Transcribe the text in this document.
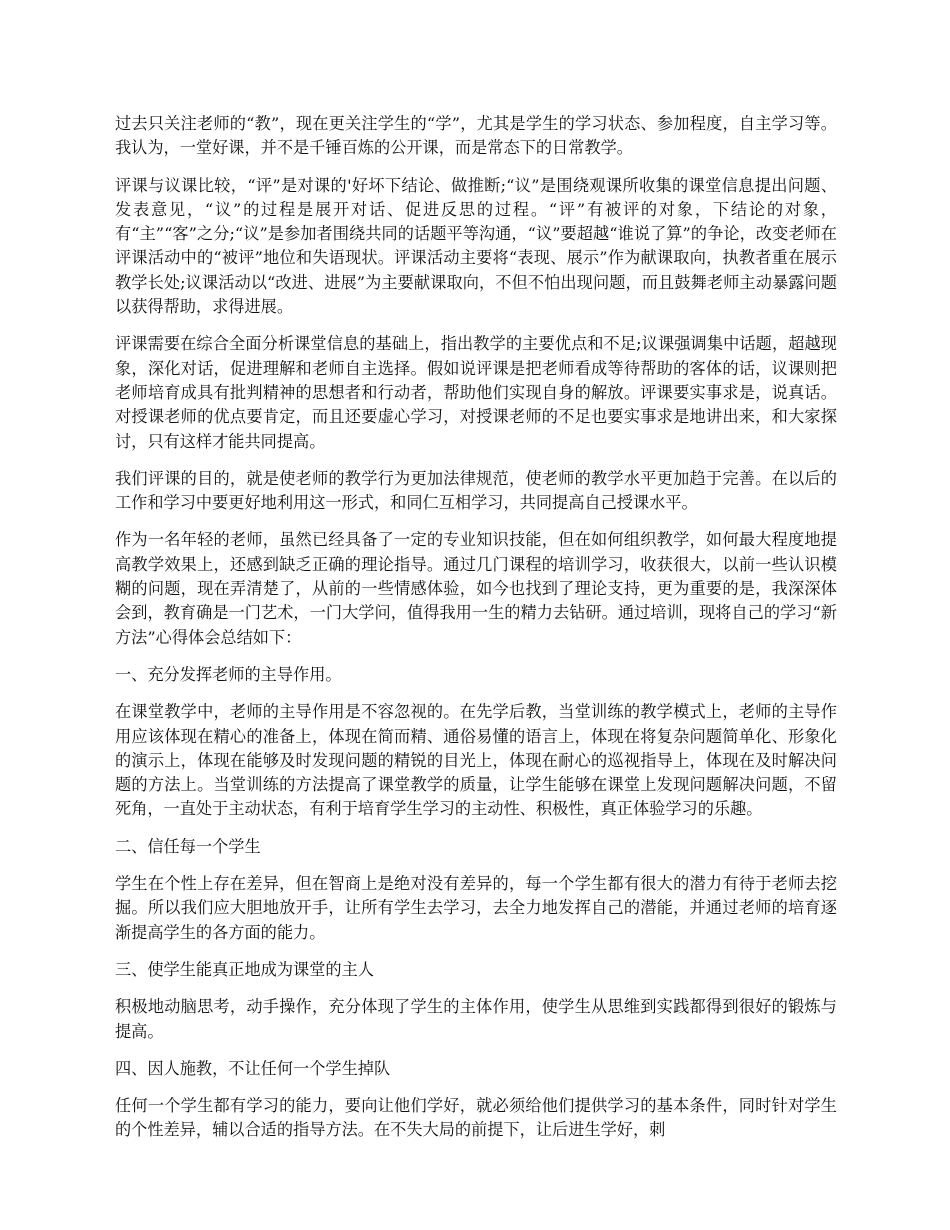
过去只关注老师的“教”，现在更关注学生的“学”，尤其是学生的学习状态、参加程度，自主学习等。我认为，一堂好课，并不是千锤百炼的公开课，而是常态下的日常教学。

评课与议课比较，“评”是对课的'好坏下结论、做推断;“议”是围绕观课所收集的课堂信息提出问题、发表意见，“议”的过程是展开对话、促进反思的过程。“评”有被评的对象，下结论的对象，有“主”“客”之分;“议”是参加者围绕共同的话题平等沟通，“议”要超越“谁说了算”的争论，改变老师在评课活动中的“被评”地位和失语现状。评课活动主要将“表现、展示”作为献课取向，执教者重在展示教学长处;议课活动以“改进、进展”为主要献课取向，不但不怕出现问题，而且鼓舞老师主动暴露问题以获得帮助，求得进展。

评课需要在综合全面分析课堂信息的基础上，指出教学的主要优点和不足;议课强调集中话题，超越现象，深化对话，促进理解和老师自主选择。假如说评课是把老师看成等待帮助的客体的话，议课则把老师培育成具有批判精神的思想者和行动者，帮助他们实现自身的解放。评课要实事求是，说真话。对授课老师的优点要肯定，而且还要虚心学习，对授课老师的不足也要实事求是地讲出来，和大家探讨，只有这样才能共同提高。

我们评课的目的，就是使老师的教学行为更加法律规范，使老师的教学水平更加趋于完善。在以后的工作和学习中要更好地利用这一形式，和同仁互相学习，共同提高自己授课水平。

作为一名年轻的老师，虽然已经具备了一定的专业知识技能，但在如何组织教学，如何最大程度地提高教学效果上，还感到缺乏正确的理论指导。通过几门课程的培训学习，收获很大，以前一些认识模糊的问题，现在弄清楚了，从前的一些情感体验，如今也找到了理论支持，更为重要的是，我深深体会到，教育确是一门艺术，一门大学问，值得我用一生的精力去钻研。通过培训，现将自己的学习“新方法”心得体会总结如下：

一、充分发挥老师的主导作用。

在课堂教学中，老师的主导作用是不容忽视的。在先学后教，当堂训练的教学模式上，老师的主导作用应该体现在精心的准备上，体现在简而精、通俗易懂的语言上，体现在将复杂问题简单化、形象化的演示上，体现在能够及时发现问题的精锐的目光上，体现在耐心的巡视指导上，体现在及时解决问题的方法上。当堂训练的方法提高了课堂教学的质量，让学生能够在课堂上发现问题解决问题，不留死角，一直处于主动状态，有利于培育学生学习的主动性、积极性，真正体验学习的乐趣。

二、信任每一个学生

学生在个性上存在差异，但在智商上是绝对没有差异的，每一个学生都有很大的潜力有待于老师去挖掘。所以我们应大胆地放开手，让所有学生去学习，去全力地发挥自己的潜能，并通过老师的培育逐渐提高学生的各方面的能力。

三、使学生能真正地成为课堂的主人

积极地动脑思考，动手操作，充分体现了学生的主体作用，使学生从思维到实践都得到很好的锻炼与提高。

四、因人施教，不让任何一个学生掉队

任何一个学生都有学习的能力，要向让他们学好，就必须给他们提供学习的基本条件，同时针对学生的个性差异，辅以合适的指导方法。在不失大局的前提下，让后进生学好，刺
